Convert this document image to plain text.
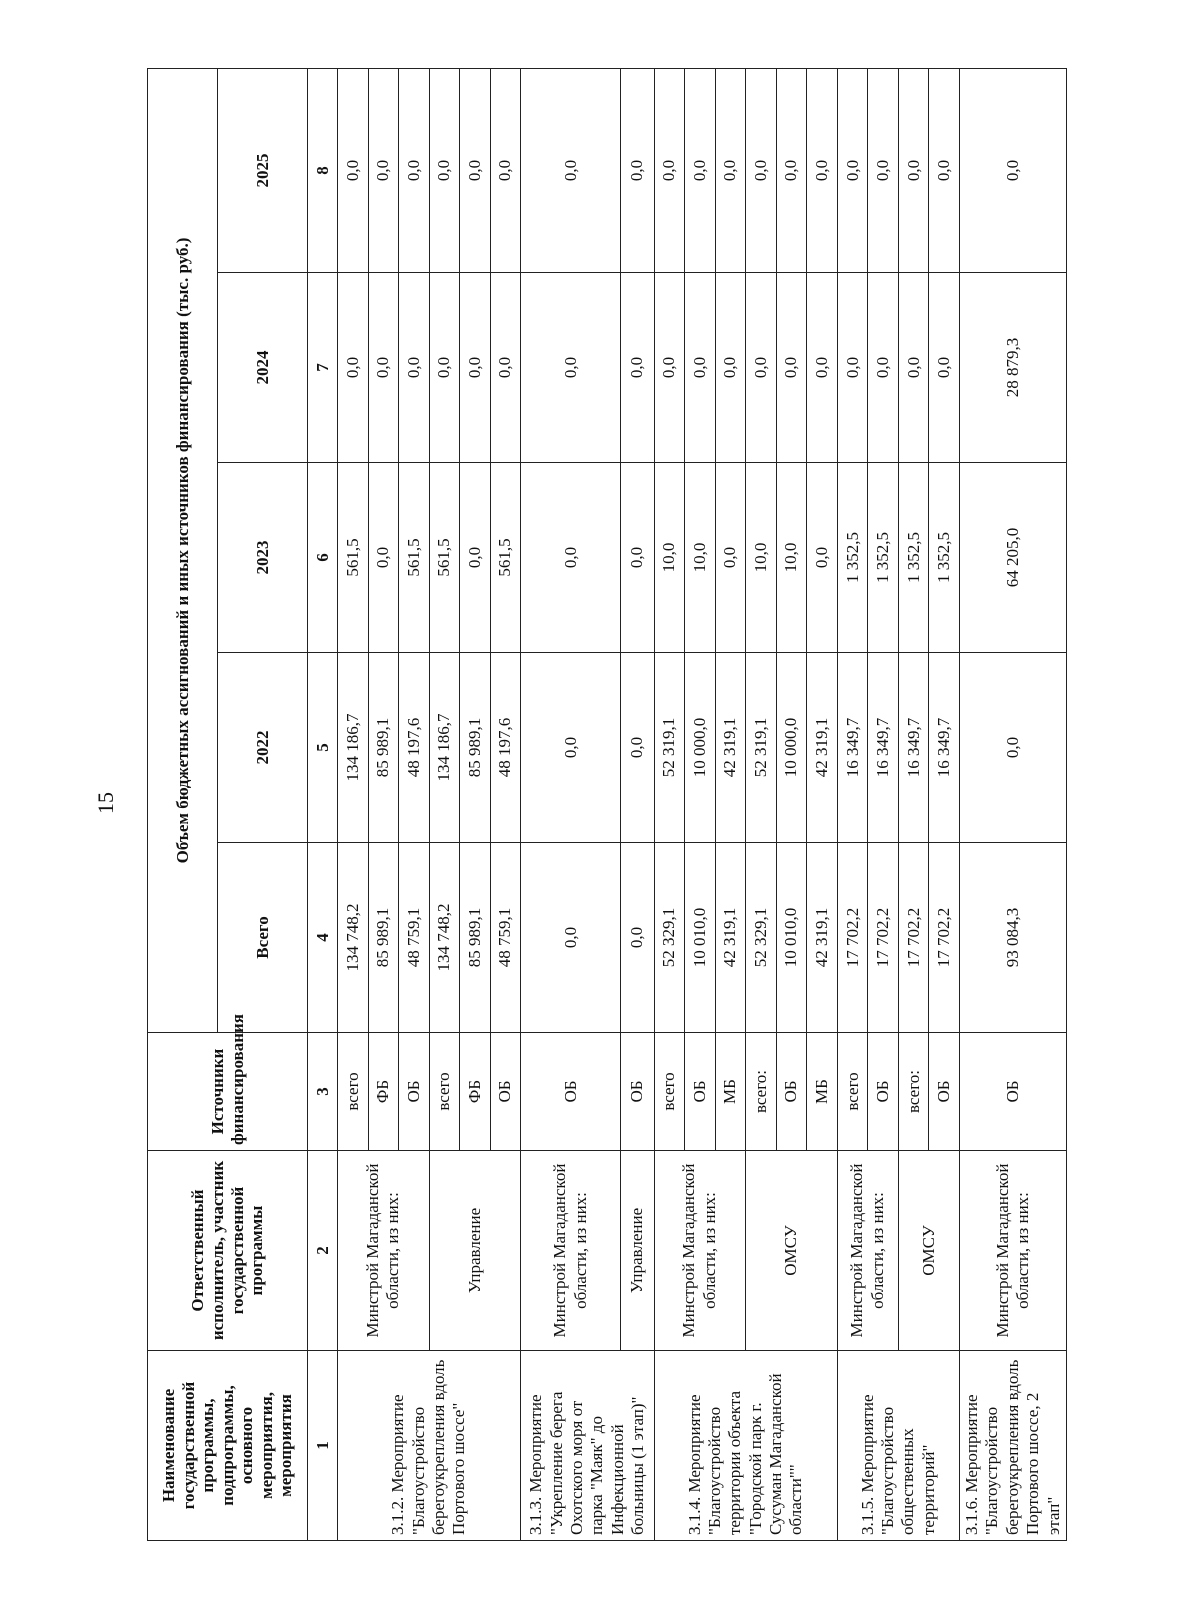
15
Наименование государственной программы, подпрограммы, основного мероприятия, мероприятия	Ответственный исполнитель, участник государственной программы	Источники финансирования	Объем бюджетных ассигнований и иных источников финансирования (тыс. руб.)				
			Всего	2022	2023	2024	2025
1	2	3	4	5	6	7	8
3.1.2. Мероприятие "Благоустройство берегоукрепления вдоль Портового шоссе"	Минстрой Магаданской области, из них:	всего	134 748,2	134 186,7	561,5	0,0	0,0
		ФБ	85 989,1	85 989,1	0,0	0,0	0,0
		ОБ	48 759,1	48 197,6	561,5	0,0	0,0
	Управление	всего	134 748,2	134 186,7	561,5	0,0	0,0
		ФБ	85 989,1	85 989,1	0,0	0,0	0,0
		ОБ	48 759,1	48 197,6	561,5	0,0	0,0
3.1.3. Мероприятие "Укрепление берега Охотского моря от парка "Маяк" до Инфекционной больницы (1 этап)"	Минстрой Магаданской области, из них:	ОБ	0,0	0,0	0,0	0,0	0,0
	Управление	ОБ	0,0	0,0	0,0	0,0	0,0
3.1.4. Мероприятие "Благоустройство территории объекта "Городской парк г. Сусуман Магаданской области""	Минстрой Магаданской области, из них:	всего	52 329,1	52 319,1	10,0	0,0	0,0
		ОБ	10 010,0	10 000,0	10,0	0,0	0,0
		МБ	42 319,1	42 319,1	0,0	0,0	0,0
	ОМСУ	всего:	52 329,1	52 319,1	10,0	0,0	0,0
		ОБ	10 010,0	10 000,0	10,0	0,0	0,0
		МБ	42 319,1	42 319,1	0,0	0,0	0,0
3.1.5. Мероприятие "Благоустройство общественных территорий"	Минстрой Магаданской области, из них:	всего	17 702,2	16 349,7	1 352,5	0,0	0,0
		ОБ	17 702,2	16 349,7	1 352,5	0,0	0,0
	ОМСУ	всего:	17 702,2	16 349,7	1 352,5	0,0	0,0
		ОБ	17 702,2	16 349,7	1 352,5	0,0	0,0
3.1.6. Мероприятие "Благоустройство берегоукрепления вдоль Портового шоссе, 2 этап"	Минстрой Магаданской области, из них:	ОБ	93 084,3	0,0	64 205,0	28 879,3	0,0
